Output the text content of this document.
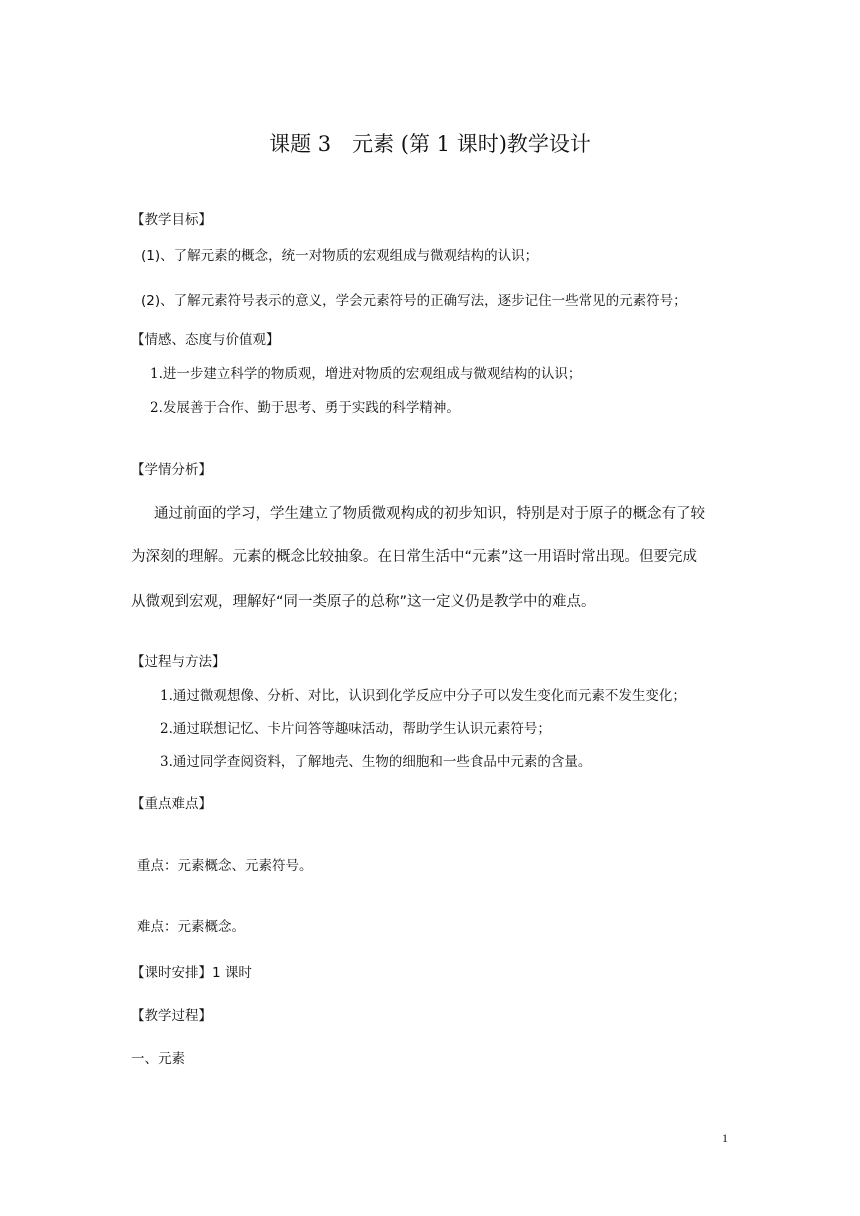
课题 3　元素 (第 1 课时)教学设计
【教学目标】
(1)、了解元素的概念，统一对物质的宏观组成与微观结构的认识；
(2)、了解元素符号表示的意义，学会元素符号的正确写法，逐步记住一些常见的元素符号；
【情感、态度与价值观】
1.进一步建立科学的物质观，增进对物质的宏观组成与微观结构的认识；
2.发展善于合作、勤于思考、勇于实践的科学精神。
【学情分析】
通过前面的学习，学生建立了物质微观构成的初步知识，特别是对于原子的概念有了较
为深刻的理解。元素的概念比较抽象。在日常生活中“元素”这一用语时常出现。但要完成
从微观到宏观，理解好“同一类原子的总称”这一定义仍是教学中的难点。
【过程与方法】
1.通过微观想像、分析、对比，认识到化学反应中分子可以发生变化而元素不发生变化；
2.通过联想记忆、卡片问答等趣味活动，帮助学生认识元素符号；
3.通过同学查阅资料，了解地壳、生物的细胞和一些食品中元素的含量。
【重点难点】
重点：元素概念、元素符号。
难点：元素概念。
【课时安排】1 课时
【教学过程】
一、元素
1
